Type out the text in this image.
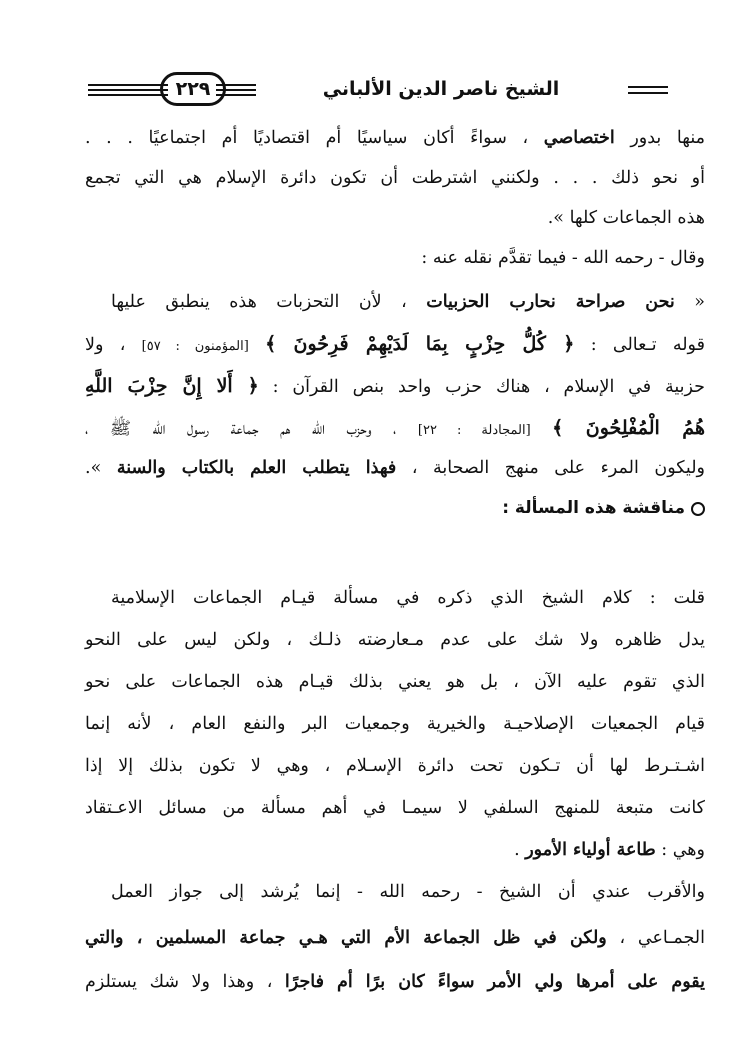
٢٢٩	الشيخ ناصر الدين الألباني
منها بدور اختصاصي ، سواءً أكان سياسيًا أم اقتصاديًا أم اجتماعيًا . . .
أو نحو ذلك . . . ولكنني اشترطت أن تكون دائرة الإسلام هي التي تجمع
هذه الجماعات كلها ».
وقال - رحمه الله - فيما تقدَّم نقله عنه :
« نحن صراحة نحارب الحزبيات ، لأن التحزبات هذه ينطبق عليها
قوله تـعالى : ﴿ كُلُّ حِزْبٍ بِمَا لَدَيْهِمْ فَرِحُونَ ﴾ [المؤمنون : ٥٧] ، ولا
حزبية في الإسلام ، هناك حزب واحد بنص القرآن : ﴿ أَلا إِنَّ حِزْبَ اللَّهِ
هُمُ الْمُفْلِحُونَ ﴾ [المجادلة : ٢٢] ، وحزب الله هم جماعة رسول الله ﷺ ،
وليكون المرء على منهج الصحابة ، فهذا يتطلب العلم بالكتاب والسنة ».
مناقشة هذه المسألة :
قلت : كلام الشيخ الذي ذكره في مسألة قيـام الجماعات الإسلامية
يدل ظاهره ولا شك على عدم مـعارضته ذلـك ، ولكن ليس على النحو
الذي تقوم عليه الآن ، بل هو يعني بذلك قيـام هذه الجماعات على نحو
قيام الجمعيات الإصلاحيـة والخيرية وجمعيات البر والنفع العام ، لأنه إنما
اشـتـرط لها أن تـكون تحت دائرة الإسـلام ، وهي لا تكون بذلك إلا إذا
كانت متبعة للمنهج السلفي لا سيمـا في أهم مسألة من مسائل الاعـتقاد
وهي : طاعة أولياء الأمور .
والأقرب عندي أن الشيخ - رحمه الله - إنما يُرشد إلى جواز العمل
الجمـاعي ، ولكن في ظل الجماعة الأم التي هـي جماعة المسلمين ، والتي
يقوم على أمرها ولي الأمر سواءً كان برًا أم فاجرًا ، وهذا ولا شك يستلزم
